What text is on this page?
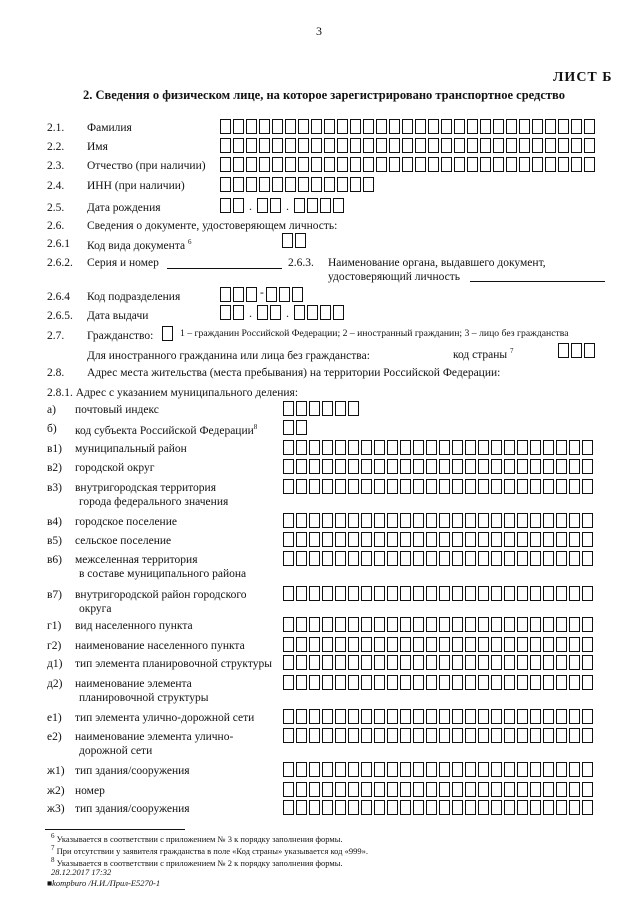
3
ЛИСТ Б
2. Сведения о физическом лице, на которое зарегистрировано транспортное средство
2.1. Фамилия
2.2. Имя
2.3. Отчество (при наличии)
2.4. ИНН (при наличии)
2.5. Дата рождения	.	.
2.6. Сведения о документе, удостоверяющем личность:
2.6.1 Код вида документа $^6$
2.6.2. Серия и номер	2.6.3. Наименование органа, выдавшего документ,
удостоверяющий личность
2.6.4 Код подразделения	-
2.6.5. Дата выдачи	.	.
2.7. Гражданство:	1 – гражданин Российской Федерации; 2 – иностранный гражданин; 3 – лицо без гражданства
Для иностранного гражданина или лица без гражданства:	код страны $^7$
2.8. Адрес места жительства (места пребывания) на территории Российской Федерации:
2.8.1. Адрес с указанием муниципального деления:
а) почтовый индекс
б) код субъекта Российской Федерации$^8$
в1) муниципальный район
в2) городской округ
в3) внутригородская территория
города федерального значения
в4) городское поселение
в5) сельское поселение
в6) межселенная территория
в составе муниципального района
в7) внутригородской район городского
округа
г1) вид населенного пункта
г2) наименование населенного пункта
д1) тип элемента планировочной структуры
д2) наименование элемента
планировочной структуры
е1) тип элемента улично-дорожной сети
е2) наименование элемента улично-
дорожной сети
ж1) тип здания/сооружения
ж2) номер
ж3) тип здания/сооружения
$^6$ Указывается в соответствии с приложением № 3 к порядку заполнения формы.
$^7$ При отсутствии у заявителя гражданства в поле «Код страны» указывается код «999».
$^8$ Указывается в соответствии с приложением № 2 к порядку заполнения формы.
28.12.2017 17:32
■kompburo /Н.И./Прил-Е5270-1
